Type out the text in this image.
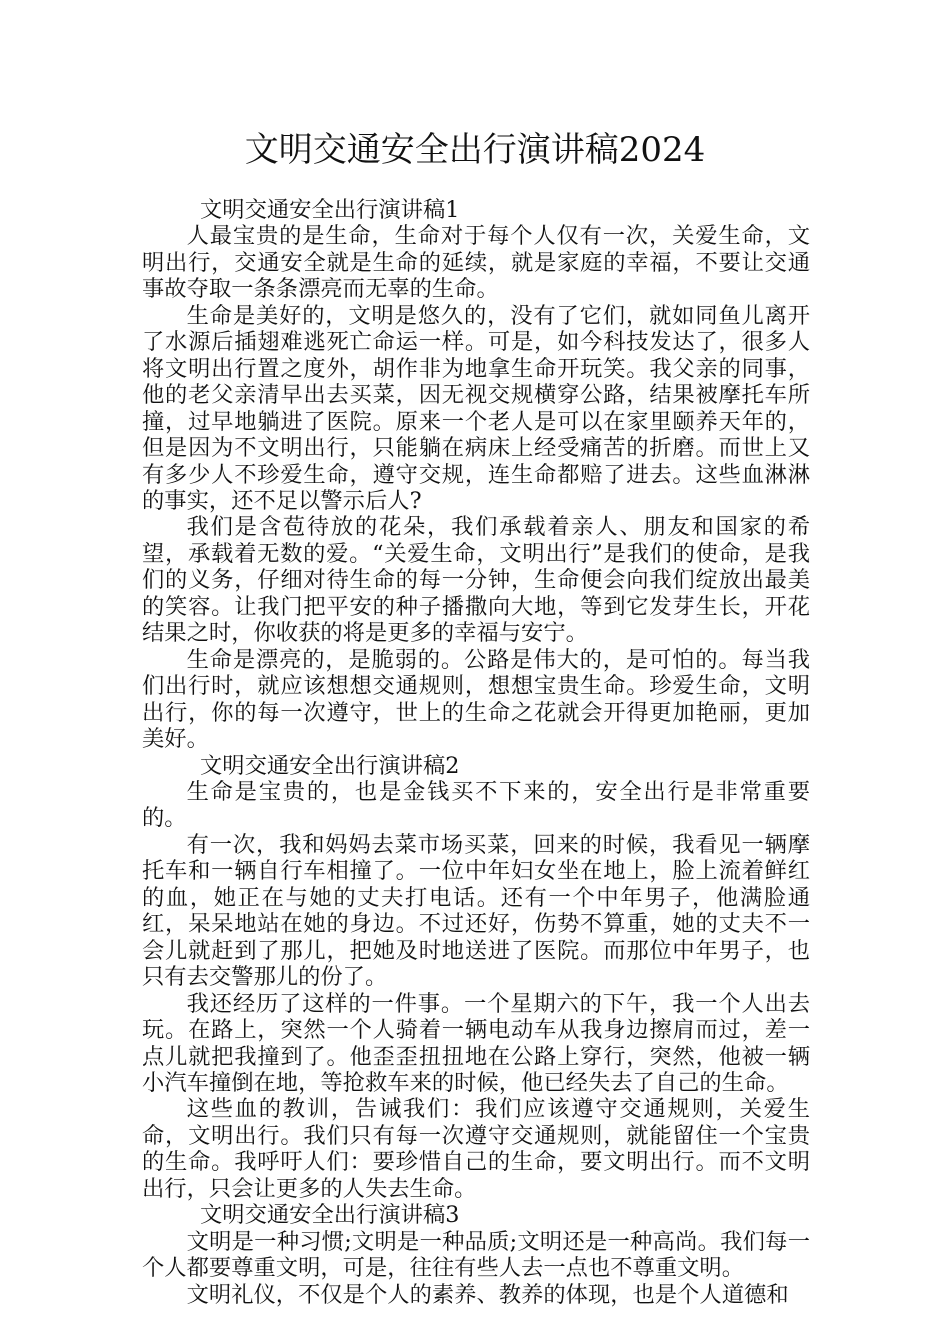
文明交通安全出行演讲稿2024

文明交通安全出行演讲稿1

人最宝贵的是生命，生命对于每个人仅有一次，关爱生命，文明出行，交通安全就是生命的延续，就是家庭的幸福，不要让交通事故夺取一条条漂亮而无辜的生命。

生命是美好的，文明是悠久的，没有了它们，就如同鱼儿离开了水源后插翅难逃死亡命运一样。可是，如今科技发达了，很多人将文明出行置之度外，胡作非为地拿生命开玩笑。我父亲的同事，他的老父亲清早出去买菜，因无视交规横穿公路，结果被摩托车所撞，过早地躺进了医院。原来一个老人是可以在家里颐养天年的，但是因为不文明出行，只能躺在病床上经受痛苦的折磨。而世上又有多少人不珍爱生命，遵守交规，连生命都赔了进去。这些血淋淋的事实，还不足以警示后人?

我们是含苞待放的花朵，我们承载着亲人、朋友和国家的希望，承载着无数的爱。“关爱生命，文明出行”是我们的使命，是我们的义务，仔细对待生命的每一分钟，生命便会向我们绽放出最美的笑容。让我门把平安的种子播撒向大地，等到它发芽生长，开花结果之时，你收获的将是更多的幸福与安宁。

生命是漂亮的，是脆弱的。公路是伟大的，是可怕的。每当我们出行时，就应该想想交通规则，想想宝贵生命。珍爱生命，文明出行，你的每一次遵守，世上的生命之花就会开得更加艳丽，更加美好。

文明交通安全出行演讲稿2

生命是宝贵的，也是金钱买不下来的，安全出行是非常重要的。

有一次，我和妈妈去菜市场买菜，回来的时候，我看见一辆摩托车和一辆自行车相撞了。一位中年妇女坐在地上，脸上流着鲜红的血，她正在与她的丈夫打电话。还有一个中年男子，他满脸通红，呆呆地站在她的身边。不过还好，伤势不算重，她的丈夫不一会儿就赶到了那儿，把她及时地送进了医院。而那位中年男子，也只有去交警那儿的份了。

我还经历了这样的一件事。一个星期六的下午，我一个人出去玩。在路上，突然一个人骑着一辆电动车从我身边擦肩而过，差一点儿就把我撞到了。他歪歪扭扭地在公路上穿行，突然，他被一辆小汽车撞倒在地，等抢救车来的时候，他已经失去了自己的生命。

这些血的教训，告诫我们：我们应该遵守交通规则，关爱生命，文明出行。我们只有每一次遵守交通规则，就能留住一个宝贵的生命。我呼吁人们：要珍惜自己的生命，要文明出行。而不文明出行，只会让更多的人失去生命。

文明交通安全出行演讲稿3

文明是一种习惯;文明是一种品质;文明还是一种高尚。我们每一个人都要尊重文明，可是，往往有些人去一点也不尊重文明。

文明礼仪，不仅是个人的素养、教养的体现，也是个人道德和
